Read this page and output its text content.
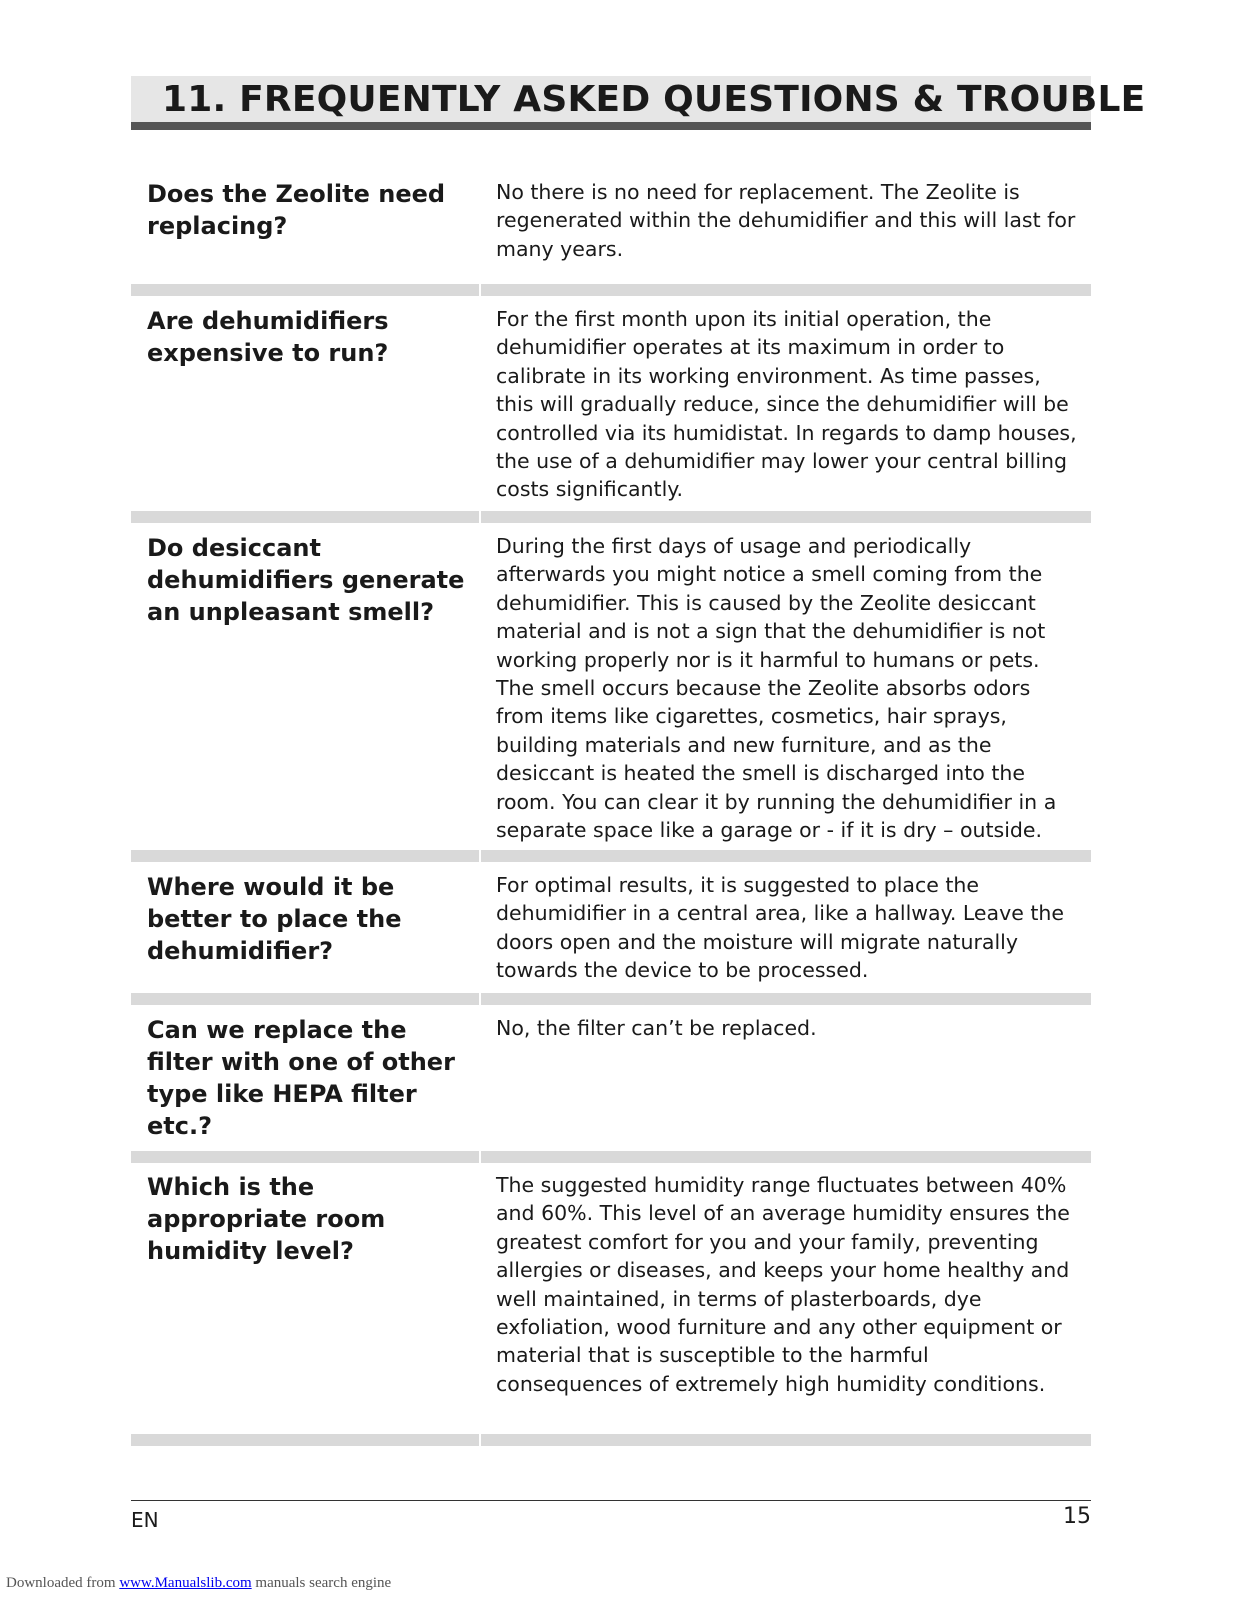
11. FREQUENTLY ASKED QUESTIONS & TROUBLE

Does the Zeolite need replacing?

No there is no need for replacement. The Zeolite is regenerated within the dehumidifier and this will last for many years.

Are dehumidifiers expensive to run?

For the first month upon its initial operation, the dehumidifier operates at its maximum in order to calibrate in its working environment. As time passes, this will gradually reduce, since the dehumidifier will be controlled via its humidistat. In regards to damp houses, the use of a dehumidifier may lower your central billing costs significantly.

Do desiccant dehumidifiers generate an unpleasant smell?

During the first days of usage and periodically afterwards you might notice a smell coming from the dehumidifier. This is caused by the Zeolite desiccant material and is not a sign that the dehumidifier is not working properly nor is it harmful to humans or pets. The smell occurs because the Zeolite absorbs odors from items like cigarettes, cosmetics, hair sprays, building materials and new furniture, and as the desiccant is heated the smell is discharged into the room. You can clear it by running the dehumidifier in a separate space like a garage or - if it is dry – outside.

Where would it be better to place the dehumidifier?

For optimal results, it is suggested to place the dehumidifier in a central area, like a hallway. Leave the doors open and the moisture will migrate naturally towards the device to be processed.

Can we replace the filter with one of other type like HEPA filter etc.?

No, the filter can’t be replaced.

Which is the appropriate room humidity level?

The suggested humidity range fluctuates between 40% and 60%. This level of an average humidity ensures the greatest comfort for you and your family, preventing allergies or diseases, and keeps your home healthy and well maintained, in terms of plasterboards, dye exfoliation, wood furniture and any other equipment or material that is susceptible to the harmful consequences of extremely high humidity conditions.

EN	15
Downloaded from www.Manualslib.com manuals search engine
